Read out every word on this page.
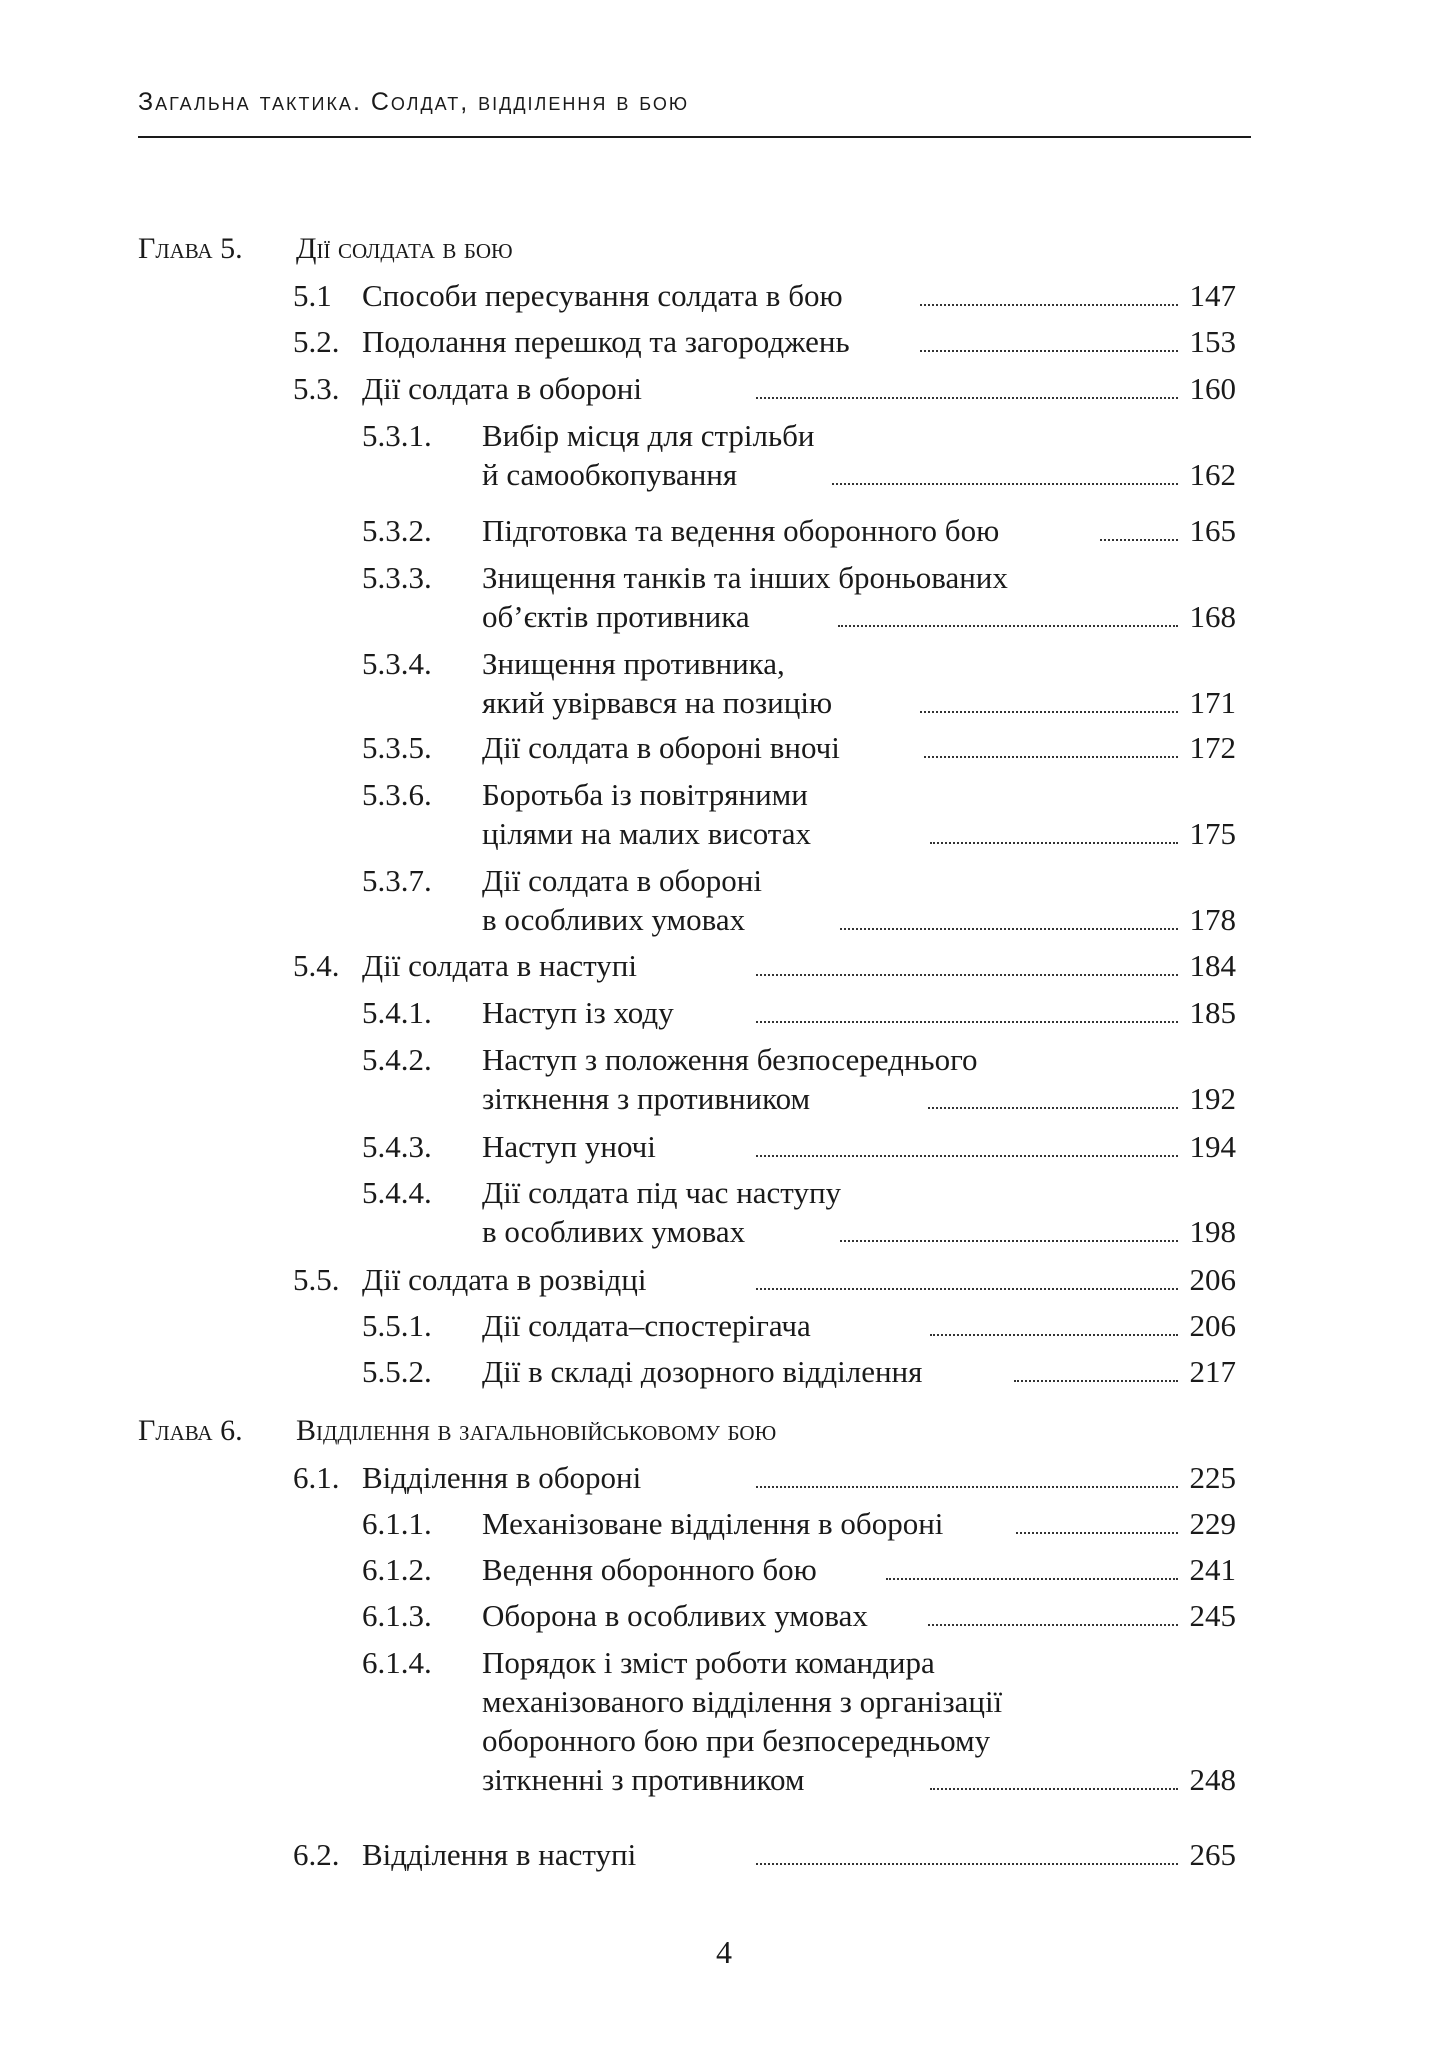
Загальна тактика. Солдат, відділення в бою
Глава 5. Дії солдата в бою
Глава 6. Відділення в загальновійськовому бою
5.1 Способи пересування солдата в бою	147
5.2. Подолання перешкод та загороджень	153
5.3. Дії солдата в обороні	160
5.3.1. Вибір місця для стрільби
й самообкопування	162
5.3.2. Підготовка та ведення оборонного бою	165
5.3.3. Знищення танків та інших броньованих
об’єктів противника	168
5.3.4. Знищення противника,
який увірвався на позицію	171
5.3.5. Дії солдата в обороні вночі	172
5.3.6. Боротьба із повітряними
цілями на малих висотах	175
5.3.7. Дії солдата в обороні
в особливих умовах	178
5.4. Дії солдата в наступі	184
5.4.1. Наступ із ходу	185
5.4.2. Наступ з положення безпосереднього
зіткнення з противником	192
5.4.3. Наступ уночі	194
5.4.4. Дії солдата під час наступу
в особливих умовах	198
5.5. Дії солдата в розвідці	206
5.5.1. Дії солдата–спостерігача	206
5.5.2. Дії в складі дозорного відділення	217
6.1. Відділення в обороні	225
6.1.1. Механізоване відділення в обороні	229
6.1.2. Ведення оборонного бою	241
6.1.3. Оборона в особливих умовах	245
6.1.4. Порядок і зміст роботи командира
механізованого відділення з організації
оборонного бою при безпосередньому
зіткненні з противником	248
6.2. Відділення в наступі	265
4
